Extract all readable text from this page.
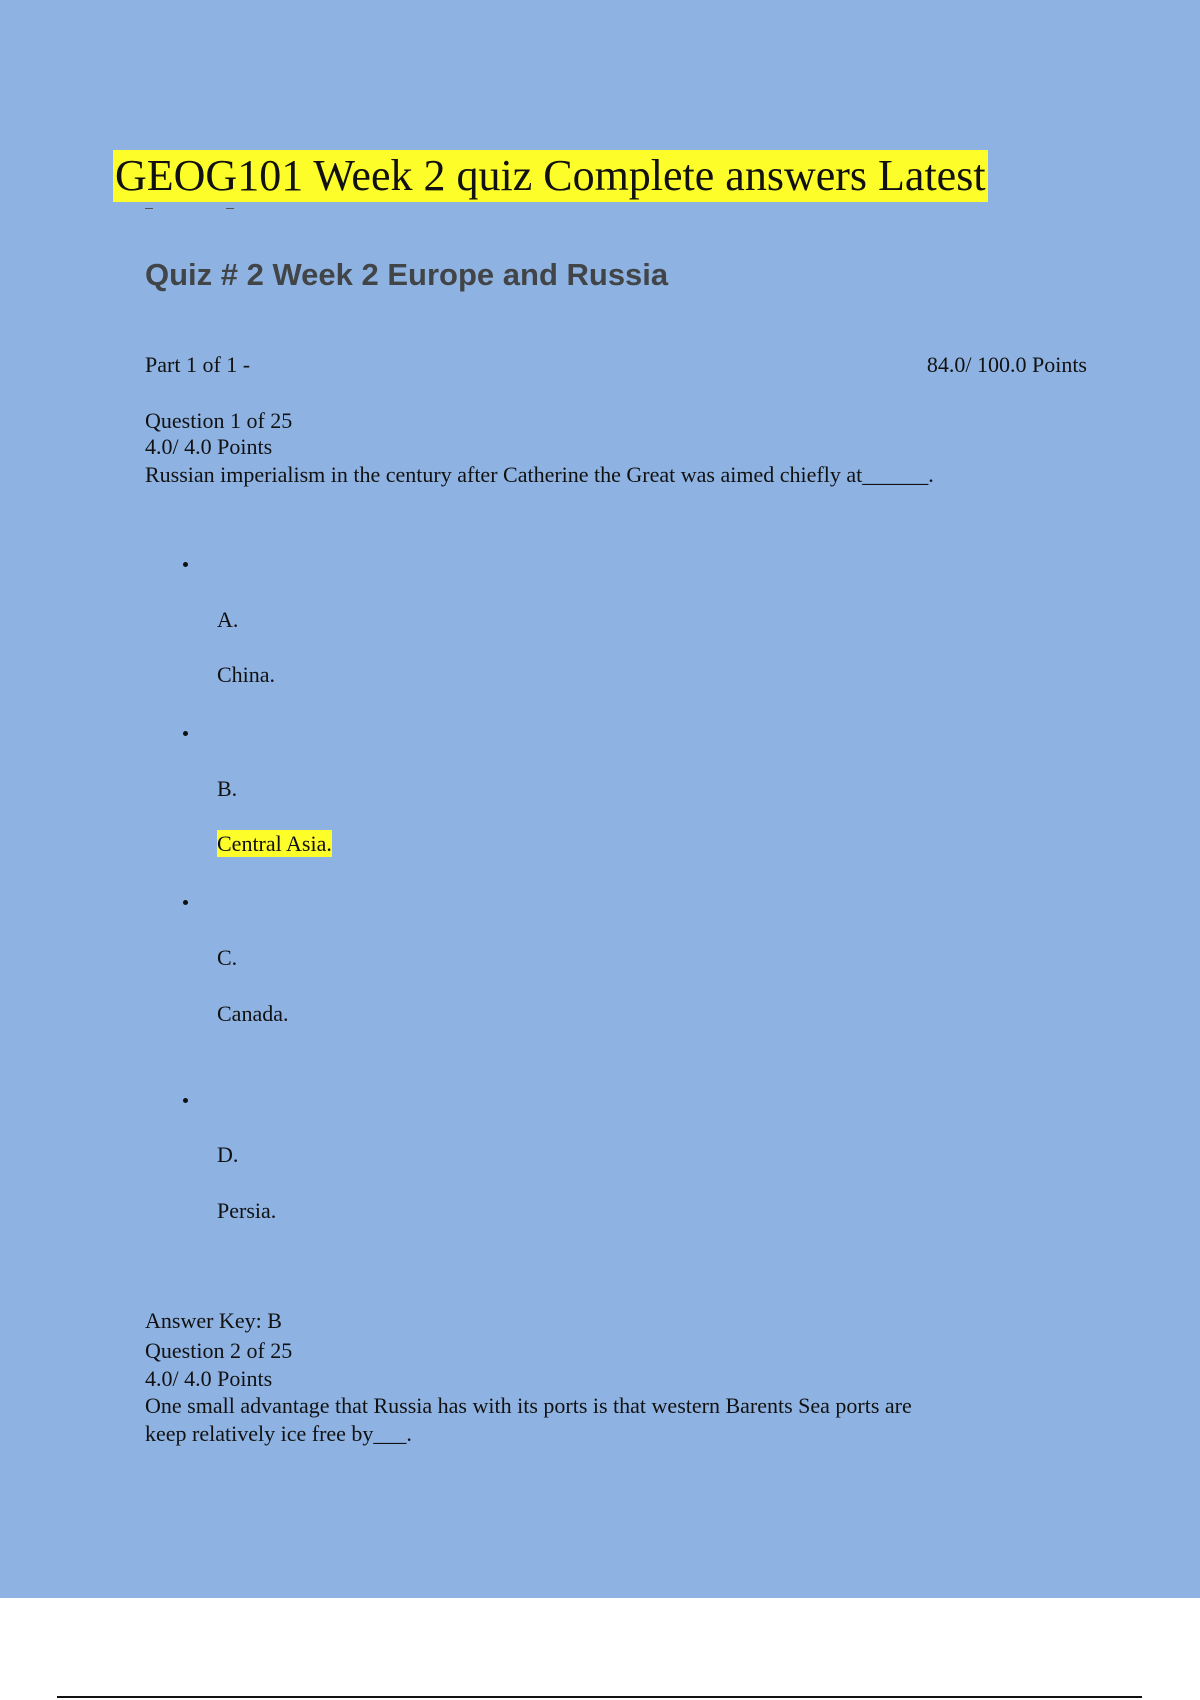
GEOG101 Week 2 quiz Complete answers Latest
Quiz # 2 Week 2 Europe and Russia
Part 1 of 1 -	84.0/ 100.0 Points
Question 1 of 25
4.0/ 4.0 Points
Russian imperialism in the century after Catherine the Great was aimed chiefly at______.
A.
China.
B.
Central Asia.
C.
Canada.
D.
Persia.
Answer Key: B
Question 2 of 25
4.0/ 4.0 Points
One small advantage that Russia has with its ports is that western Barents Sea ports are
keep relatively ice free by___.
